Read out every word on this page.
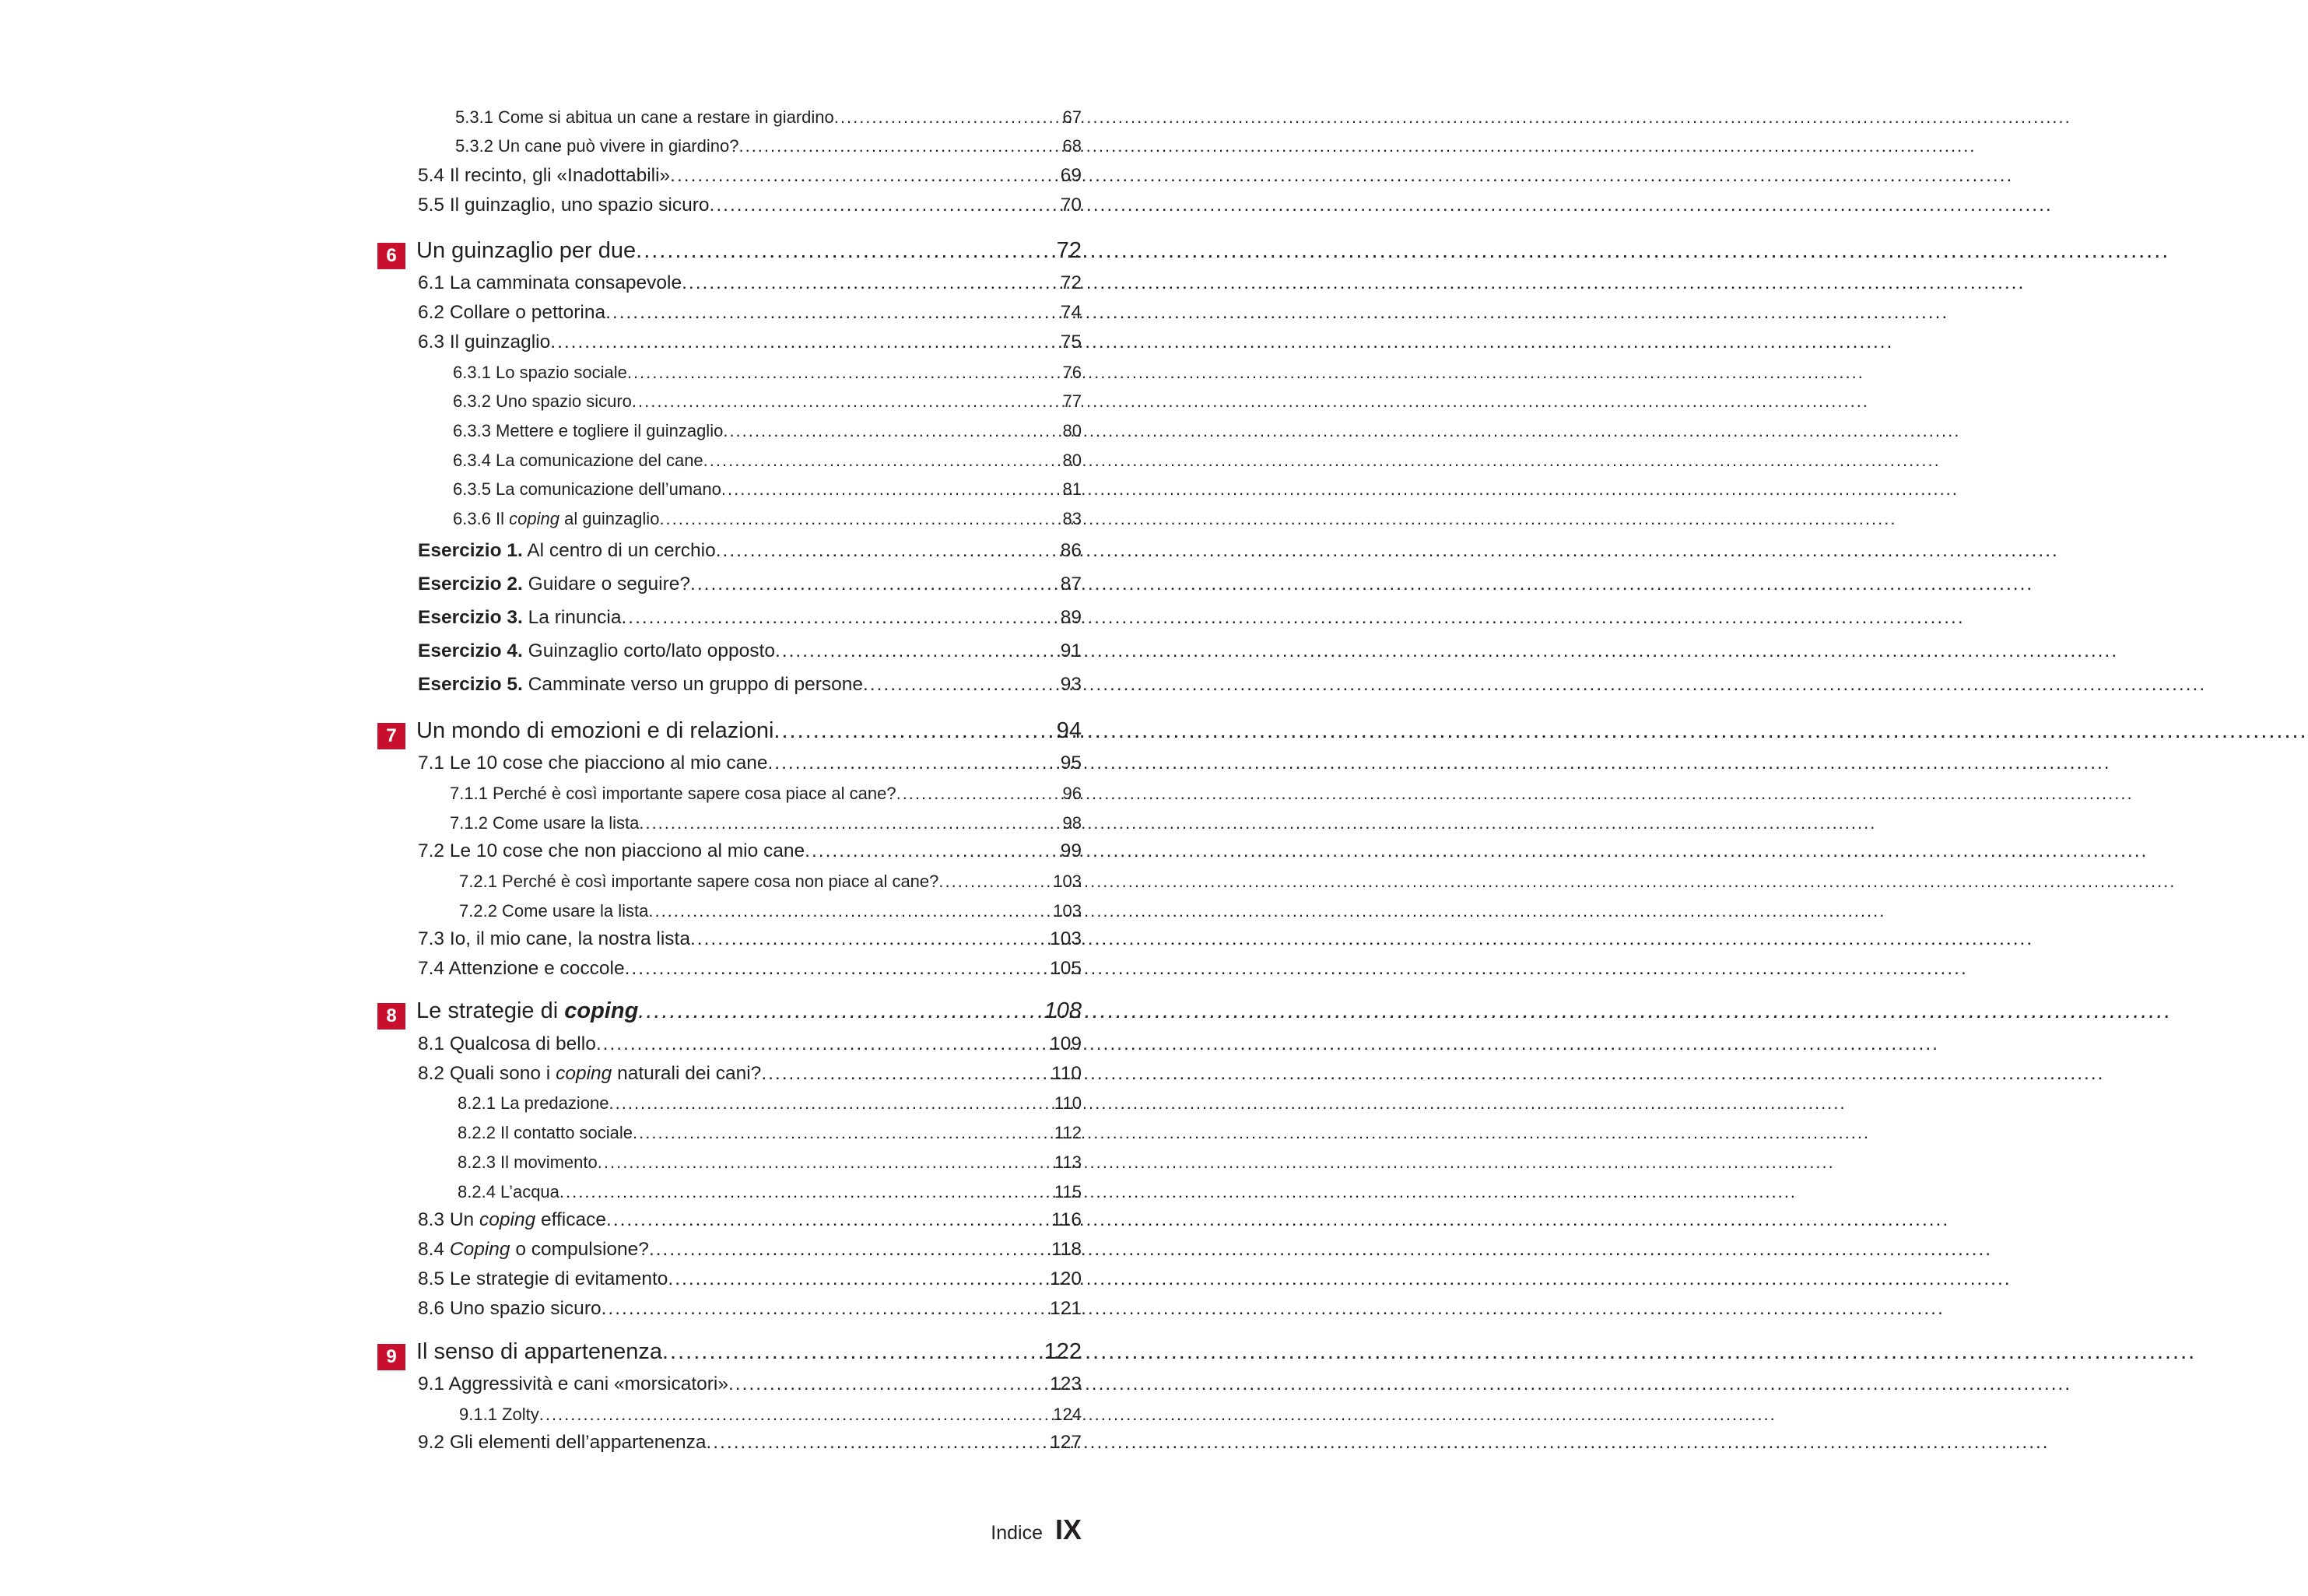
5.3.1 Come si abitua un cane a restare in giardino .....	67
5.3.2 Un cane può vivere in giardino? .....	68
5.4 Il recinto, gli «Inadottabili» .....	69
5.5 Il guinzaglio, uno spazio sicuro .....	70
6 Un guinzaglio per due .....	72
6.1 La camminata consapevole .....	72
6.2 Collare o pettorina .....	74
6.3 Il guinzaglio .....	75
6.3.1 Lo spazio sociale .....	76
6.3.2 Uno spazio sicuro .....	77
6.3.3 Mettere e togliere il guinzaglio .....	80
6.3.4 La comunicazione del cane .....	80
6.3.5 La comunicazione dell’umano .....	81
6.3.6 Il coping al guinzaglio .....	83
Esercizio 1. Al centro di un cerchio .....	86
Esercizio 2. Guidare o seguire? .....	87
Esercizio 3. La rinuncia .....	89
Esercizio 4. Guinzaglio corto/lato opposto .....	91
Esercizio 5. Camminate verso un gruppo di persone .....	93
7 Un mondo di emozioni e di relazioni .....	94
7.1 Le 10 cose che piacciono al mio cane .....	95
7.1.1 Perché è così importante sapere cosa piace al cane? .....	96
7.1.2 Come usare la lista .....	98
7.2 Le 10 cose che non piacciono al mio cane .....	99
7.2.1 Perché è così importante sapere cosa non piace al cane? .....	103
7.2.2 Come usare la lista .....	103
7.3 Io, il mio cane, la nostra lista .....	103
7.4 Attenzione e coccole .....	105
8 Le strategie di coping .....	108
8.1 Qualcosa di bello .....	109
8.2 Quali sono i coping naturali dei cani? .....	110
8.2.1 La predazione .....	110
8.2.2 Il contatto sociale .....	112
8.2.3 Il movimento .....	113
8.2.4 L’acqua .....	115
8.3 Un coping efficace .....	116
8.4 Coping o compulsione? .....	118
8.5 Le strategie di evitamento .....	120
8.6 Uno spazio sicuro .....	121
9 Il senso di appartenenza .....	122
9.1 Aggressività e cani «morsicatori» .....	123
9.1.1 Zolty .....	124
9.2 Gli elementi dell’appartenenza .....	127
Indice IX
